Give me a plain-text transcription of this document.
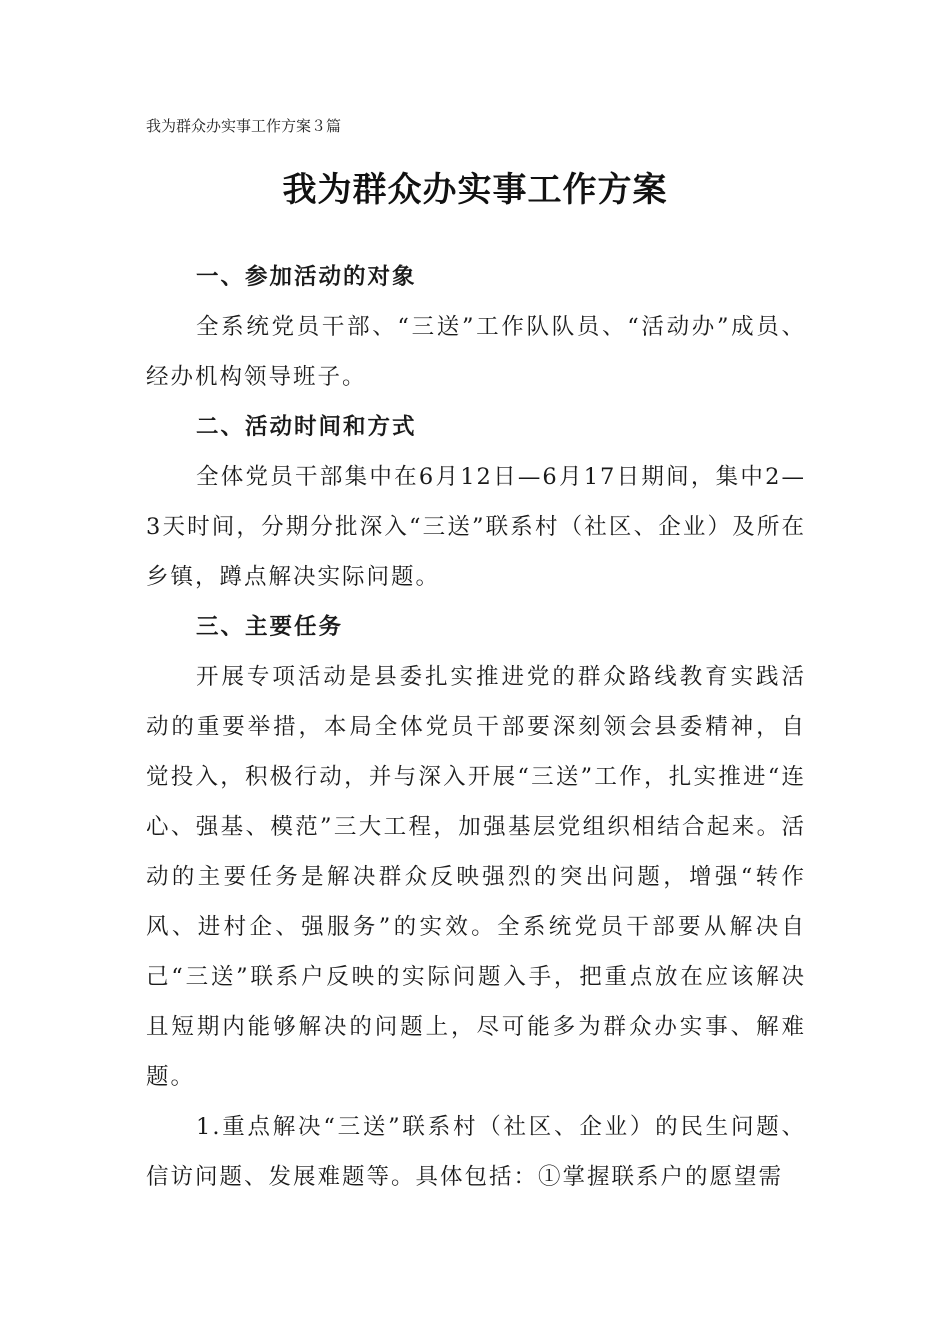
我为群众办实事工作方案３篇
我为群众办实事工作方案

一、参加活动的对象

全系统党员干部、“三送”工作队队员、“活动办”成员、经办机构领导班子。

二、活动时间和方式

全体党员干部集中在6月12日—6月17日期间，集中2—3天时间，分期分批深入“三送”联系村（社区、企业）及所在乡镇，蹲点解决实际问题。

三、主要任务

开展专项活动是县委扎实推进党的群众路线教育实践活动的重要举措，本局全体党员干部要深刻领会县委精神，自觉投入，积极行动，并与深入开展“三送”工作，扎实推进“连心、强基、模范”三大工程，加强基层党组织相结合起来。活动的主要任务是解决群众反映强烈的突出问题，增强“转作风、进村企、强服务”的实效。全系统党员干部要从解决自己“三送”联系户反映的实际问题入手，把重点放在应该解决且短期内能够解决的问题上，尽可能多为群众办实事、解难题。

1.重点解决“三送”联系村（社区、企业）的民生问题、信访问题、发展难题等。具体包括：①掌握联系户的愿望需
